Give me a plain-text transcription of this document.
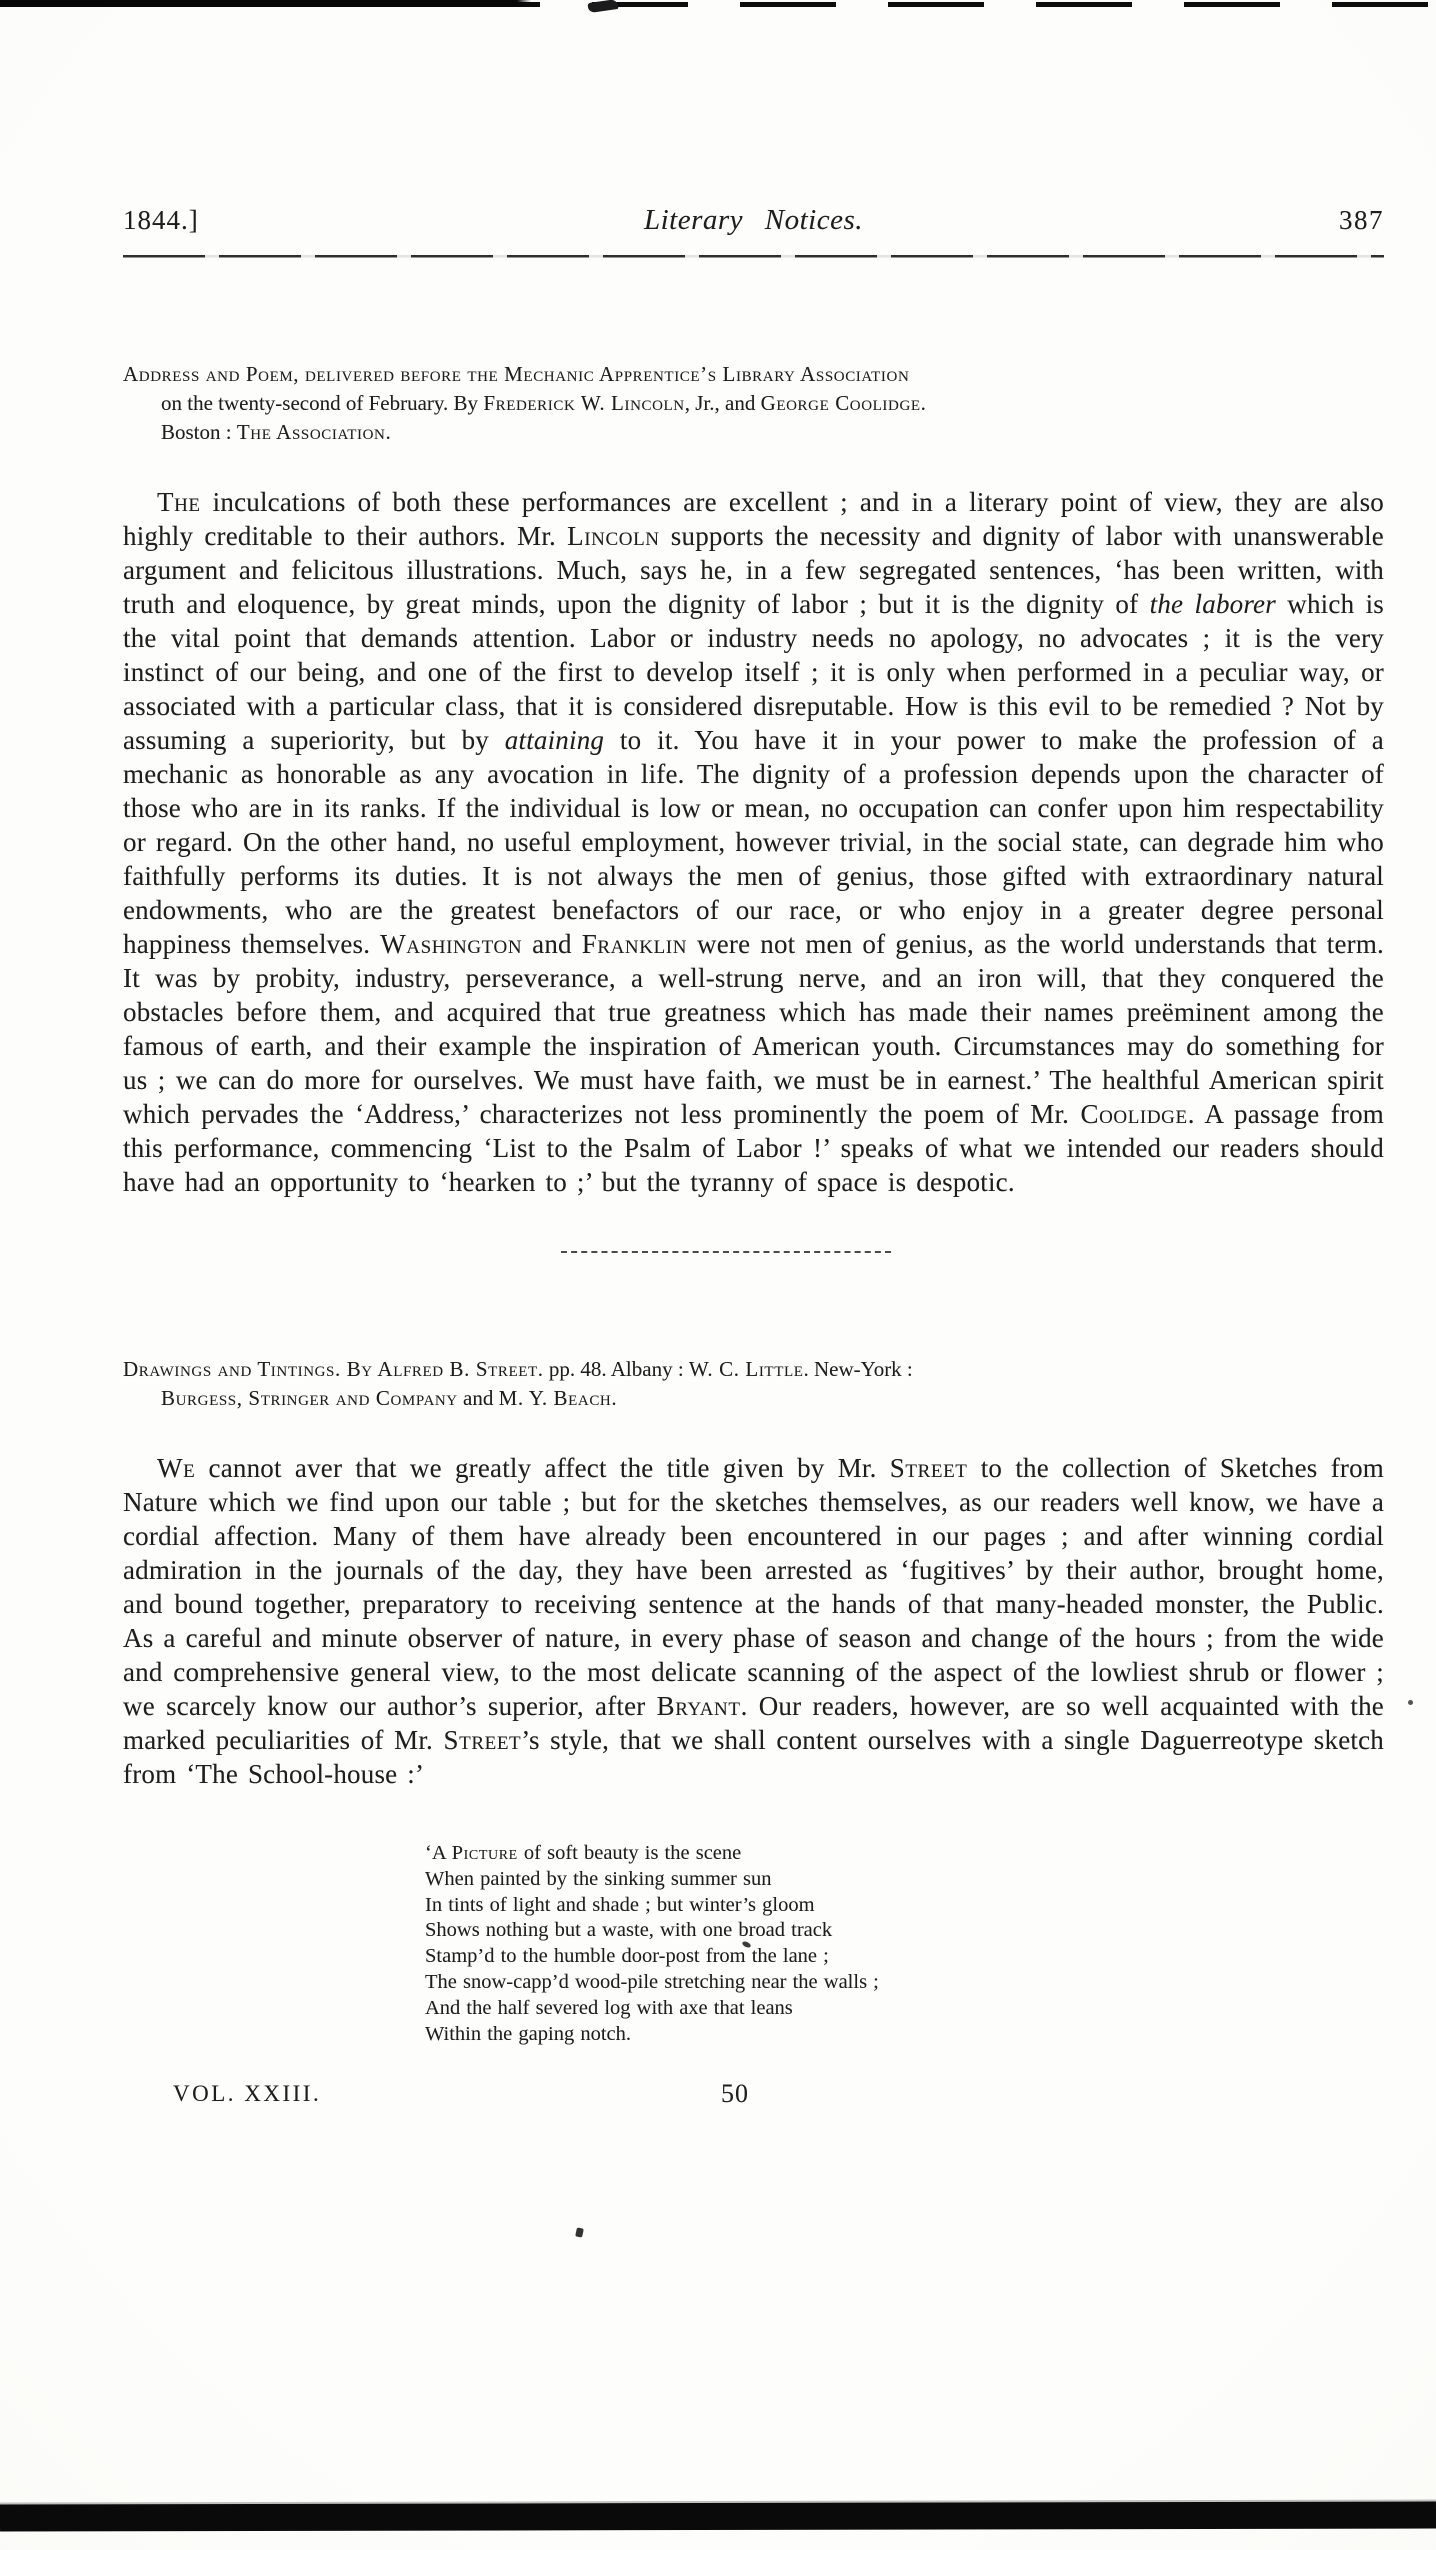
1844.]	Literary Notices.	387
Address and Poem, delivered before the Mechanic Apprentice’s Library Association
on the twenty-second of February. By Frederick W. Lincoln, Jr., and George Coolidge.
Boston : The Association.

The inculcations of both these performances are excellent ; and in a literary point of view, they are also highly creditable to their authors. Mr. Lincoln supports the necessity and dignity of labor with unanswerable argument and felicitous illustrations. Much, says he, in a few segregated sentences, ‘has been written, with truth and eloquence, by great minds, upon the dignity of labor ; but it is the dignity of the laborer which is the vital point that demands attention. Labor or industry needs no apology, no advocates ; it is the very instinct of our being, and one of the first to develop itself ; it is only when performed in a peculiar way, or associated with a particular class, that it is considered disreputable. How is this evil to be remedied ? Not by assuming a superiority, but by attaining to it. You have it in your power to make the profession of a mechanic as honorable as any avocation in life. The dignity of a profession depends upon the character of those who are in its ranks. If the individual is low or mean, no occupation can confer upon him respectability or regard. On the other hand, no useful employment, however trivial, in the social state, can degrade him who faithfully performs its duties. It is not always the men of genius, those gifted with extraordinary natural endowments, who are the greatest benefactors of our race, or who enjoy in a greater degree personal happiness themselves. Washington and Franklin were not men of genius, as the world understands that term. It was by probity, industry, perseverance, a well-strung nerve, and an iron will, that they conquered the obstacles before them, and acquired that true greatness which has made their names preëminent among the famous of earth, and their example the inspiration of American youth. Circumstances may do something for us ; we can do more for ourselves. We must have faith, we must be in earnest.’ The healthful American spirit which pervades the ‘Address,’ characterizes not less prominently the poem of Mr. Coolidge. A passage from this performance, commencing ‘List to the Psalm of Labor !’ speaks of what we intended our readers should have had an opportunity to ‘hearken to ;’ but the tyranny of space is despotic.

Drawings and Tintings. By Alfred B. Street. pp. 48. Albany : W. C. Little. New-York :
Burgess, Stringer and Company and M. Y. Beach.

We cannot aver that we greatly affect the title given by Mr. Street to the collection of Sketches from Nature which we find upon our table ; but for the sketches themselves, as our readers well know, we have a cordial affection. Many of them have already been encountered in our pages ; and after winning cordial admiration in the journals of the day, they have been arrested as ‘fugitives’ by their author, brought home, and bound together, preparatory to receiving sentence at the hands of that many-headed monster, the Public. As a careful and minute observer of nature, in every phase of season and change of the hours ; from the wide and comprehensive general view, to the most delicate scanning of the aspect of the lowliest shrub or flower ; we scarcely know our author’s superior, after Bryant. Our readers, however, are so well acquainted with the marked peculiarities of Mr. Street’s style, that we shall content ourselves with a single Daguerreotype sketch from ‘The School-house :’

‘A Picture of soft beauty is the scene
When painted by the sinking summer sun
In tints of light and shade ; but winter’s gloom
Shows nothing but a waste, with one broad track
Stamp’d to the humble door-post from the lane ;
The snow-capp’d wood-pile stretching near the walls ;
And the half severed log with axe that leans
Within the gaping notch.
VOL. XXIII.	50
